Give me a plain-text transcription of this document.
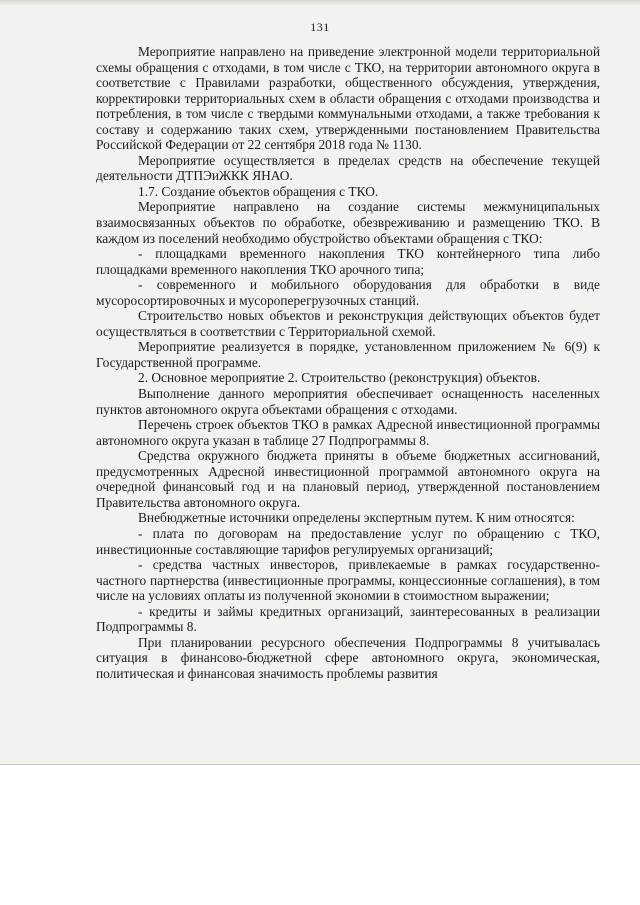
131

Мероприятие направлено на приведение электронной модели территориальной схемы обращения с отходами, в том числе с ТКО, на территории автономного округа в соответствие с Правилами разработки, общественного обсуждения, утверждения, корректировки территориальных схем в области обращения с отходами производства и потребления, в том числе с твердыми коммунальными отходами, а также требования к составу и содержанию таких схем, утвержденными постановлением Правительства Российской Федерации от 22 сентября 2018 года № 1130.

Мероприятие осуществляется в пределах средств на обеспечение текущей деятельности ДТПЭиЖКК ЯНАО.

1.7. Создание объектов обращения с ТКО.

Мероприятие направлено на создание системы межмуниципальных взаимосвязанных объектов по обработке, обезвреживанию и размещению ТКО. В каждом из поселений необходимо обустройство объектами обращения с ТКО:

- площадками временного накопления ТКО контейнерного типа либо площадками временного накопления ТКО арочного типа;

- современного и мобильного оборудования для обработки в виде мусоросортировочных и мусороперегрузочных станций.

Строительство новых объектов и реконструкция действующих объектов будет осуществляться в соответствии с Территориальной схемой.

Мероприятие реализуется в порядке, установленном приложением № 6(9) к Государственной программе.

2. Основное мероприятие 2. Строительство (реконструкция) объектов.

Выполнение данного мероприятия обеспечивает оснащенность населенных пунктов автономного округа объектами обращения с отходами.

Перечень строек объектов ТКО в рамках Адресной инвестиционной программы автономного округа указан в таблице 27 Подпрограммы 8.

Средства окружного бюджета приняты в объеме бюджетных ассигнований, предусмотренных Адресной инвестиционной программой автономного округа на очередной финансовый год и на плановый период, утвержденной постановлением Правительства автономного округа.

Внебюджетные источники определены экспертным путем. К ним относятся:

- плата по договорам на предоставление услуг по обращению с ТКО, инвестиционные составляющие тарифов регулируемых организаций;

- средства частных инвесторов, привлекаемые в рамках государственно-частного партнерства (инвестиционные программы, концессионные соглашения), в том числе на условиях оплаты из полученной экономии в стоимостном выражении;

- кредиты и займы кредитных организаций, заинтересованных в реализации Подпрограммы 8.

При планировании ресурсного обеспечения Подпрограммы 8 учитывалась ситуация в финансово-бюджетной сфере автономного округа, экономическая, политическая и финансовая значимость проблемы развития
